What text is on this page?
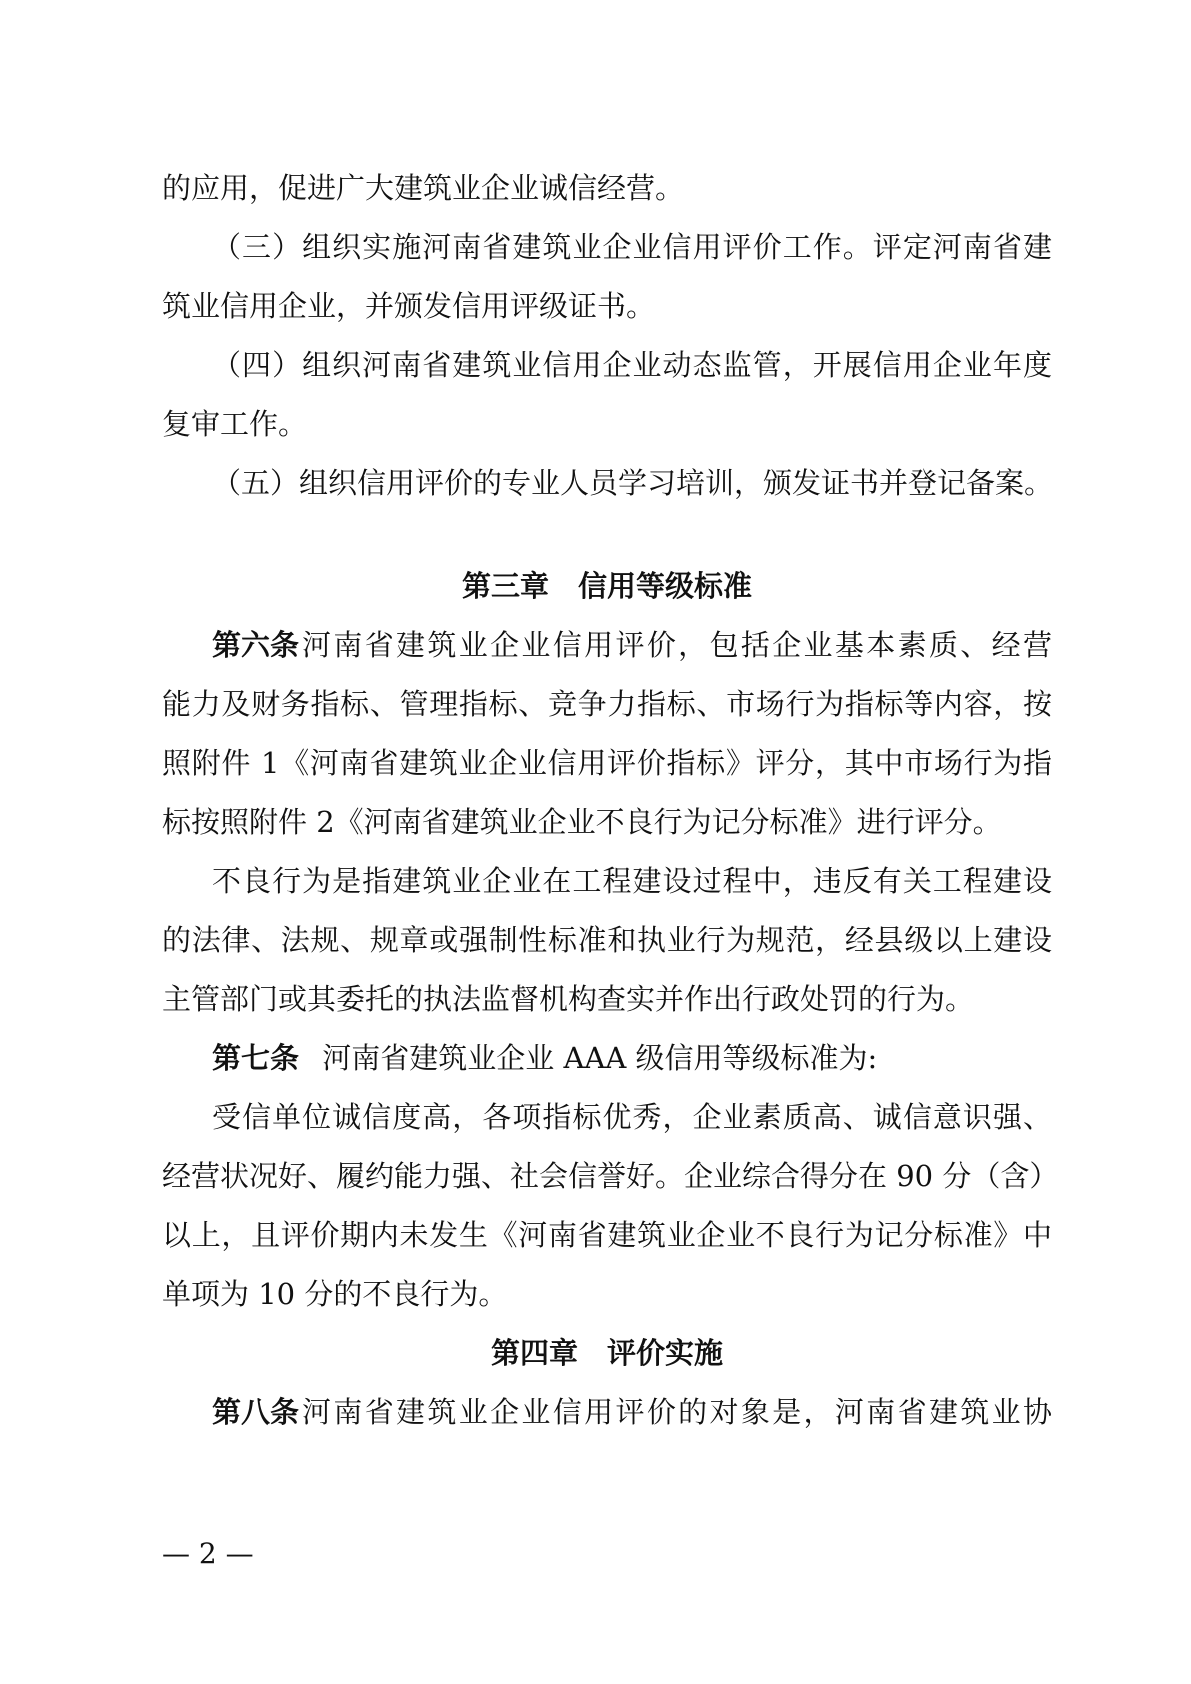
的应用，促进广大建筑业企业诚信经营。

（三）组织实施河南省建筑业企业信用评价工作。评定河南省建

筑业信用企业，并颁发信用评级证书。

（四）组织河南省建筑业信用企业动态监管，开展信用企业年度

复审工作。

（五）组织信用评价的专业人员学习培训，颁发证书并登记备案。

第三章　信用等级标准
第六条 河南省建筑业企业信用评价，包括企业基本素质、经营

能力及财务指标、管理指标、竞争力指标、市场行为指标等内容，按

照附件 1《河南省建筑业企业信用评价指标》评分，其中市场行为指

标按照附件 2《河南省建筑业企业不良行为记分标准》进行评分。

不良行为是指建筑业企业在工程建设过程中，违反有关工程建设

的法律、法规、规章或强制性标准和执业行为规范，经县级以上建设

主管部门或其委托的执法监督机构查实并作出行政处罚的行为。

第七条 河南省建筑业企业 AAA 级信用等级标准为:

受信单位诚信度高，各项指标优秀，企业素质高、诚信意识强、

经营状况好、履约能力强、社会信誉好。企业综合得分在 90 分（含）

以上，且评价期内未发生《河南省建筑业企业不良行为记分标准》中

单项为 10 分的不良行为。

第四章　评价实施
第八条 河南省建筑业企业信用评价的对象是，河南省建筑业协
— 2 —
